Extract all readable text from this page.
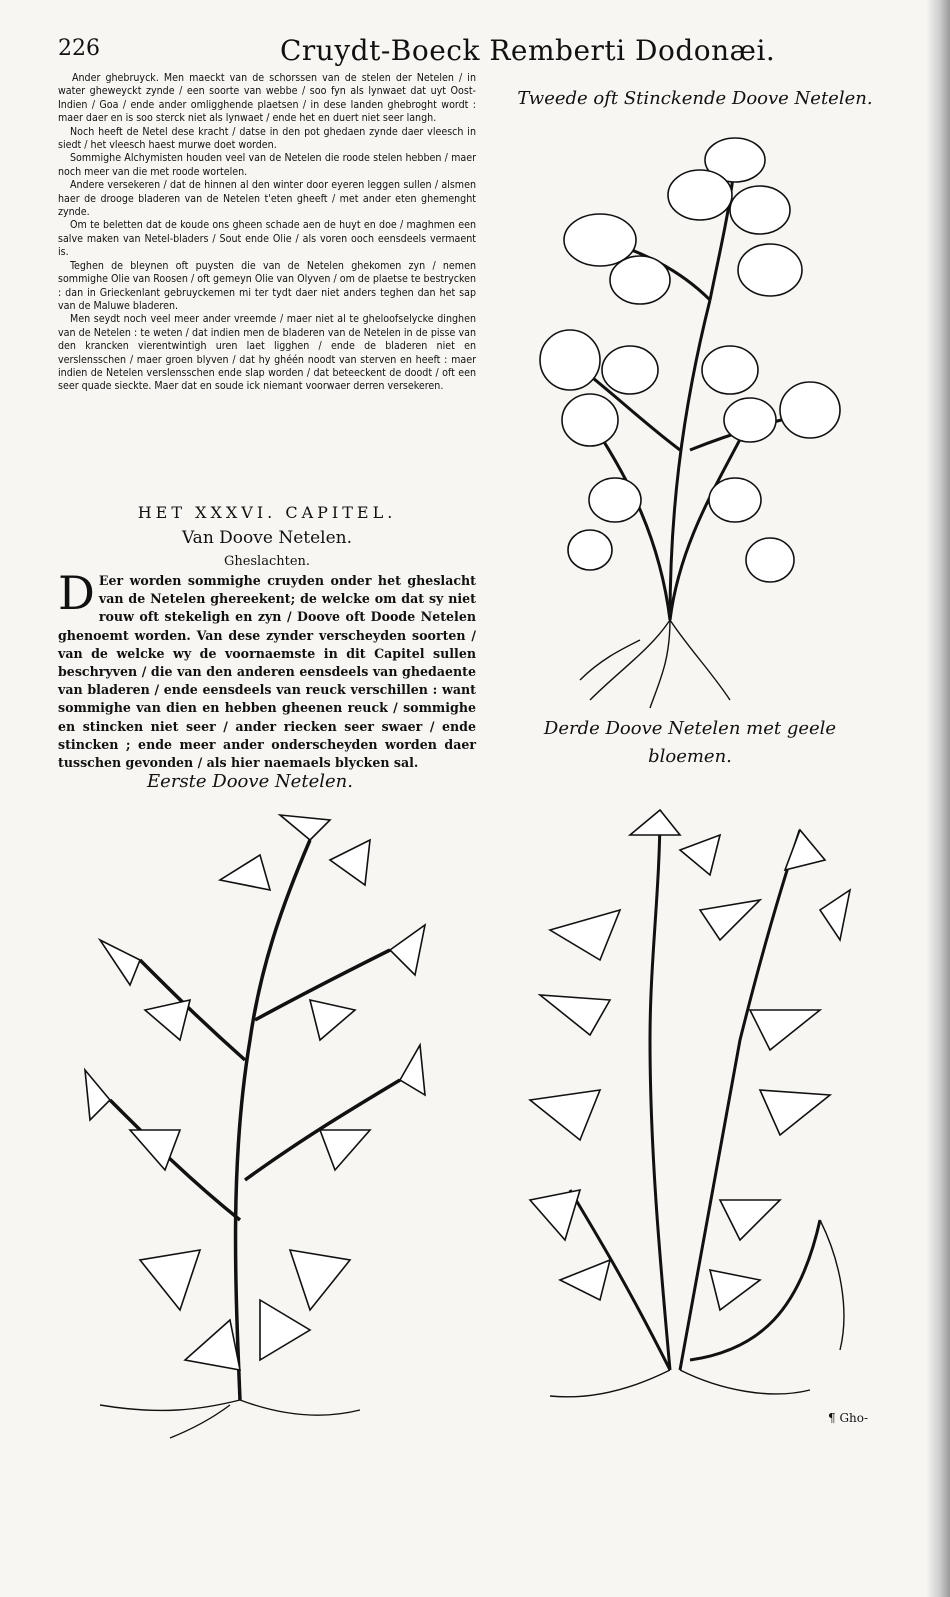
226	Cruydt-Boeck Remberti Dodonæi.

Ander ghebruyck. Men maeckt van de schorssen van de stelen der Netelen / in water gheweyckt zynde / een soorte van webbe / soo fyn als lynwaet dat uyt Oost-Indien / Goa / ende ander omligghende plaetsen / in dese landen ghebroght wordt : maer daer en is soo sterck niet als lynwaet / ende het en duert niet seer langh.

Noch heeft de Netel dese kracht / datse in den pot ghedaen zynde daer vleesch in siedt / het vleesch haest murwe doet worden.

Sommighe Alchymisten houden veel van de Netelen die roode stelen hebben / maer noch meer van die met roode wortelen.

Andere versekeren / dat de hinnen al den winter door eyeren leggen sullen / alsmen haer de drooge bladeren van de Netelen t'eten gheeft / met ander eten ghemenght zynde.

Om te beletten dat de koude ons gheen schade aen de huyt en doe / maghmen een salve maken van Netel-bladers / Sout ende Olie / als voren ooch eensdeels vermaent is.

Teghen de bleynen oft puysten die van de Netelen ghekomen zyn / nemen sommighe Olie van Roosen / oft gemeyn Olie van Olyven / om de plaetse te bestrycken : dan in Grieckenlant gebruyckemen mi ter tydt daer niet anders teghen dan het sap van de Maluwe bladeren.

Men seydt noch veel meer ander vreemde / maer niet al te gheloofselycke dinghen van de Netelen : te weten / dat indien men de bladeren van de Netelen in de pisse van den krancken vierentwintigh uren laet ligghen / ende de bladeren niet en verslensschen / maer groen blyven / dat hy ghéén noodt van sterven en heeft : maer indien de Netelen verslensschen ende slap worden / dat beteeckent de doodt / oft een seer quade sieckte. Maer dat en soude ick niemant voorwaer derren versekeren.

HET XXXVI. CAPITEL.
Van Doove Netelen.
Gheslachten.
D Eer worden sommighe cruyden onder het gheslacht van de Netelen ghereekent; de welcke om dat sy niet rouw oft stekeligh en zyn / Doove oft Doode Netelen ghenoemt worden. Van dese zynder verscheyden soorten / van de welcke wy de voornaemste in dit Capitel sullen beschryven / die van den anderen eensdeels van ghedaente van bladeren / ende eensdeels van reuck verschillen : want sommighe van dien en hebben gheenen reuck / sommighe en stincken niet seer / ander riecken seer swaer / ende stincken ; ende meer ander onderscheyden worden daer tusschen gevonden / als hier naemaels blycken sal.

Tweede oft Stinckende Doove Netelen.
Eerste Doove Netelen.
Derde Doove Netelen met geele
bloemen.
¶ Gho-
